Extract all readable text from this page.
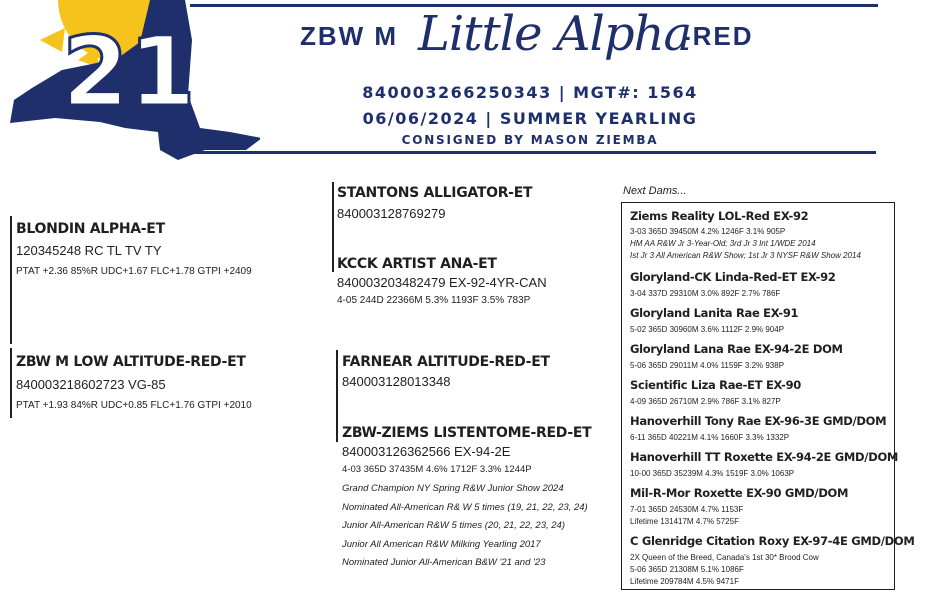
21	ZBW M Little Alpha
-RED
840003266250343 | MGT#: 1564
06/06/2024 | SUMMER YEARLING
CONSIGNED BY MASON ZIEMBA
BLONDIN ALPHA-ET
120345248 RC TL TV TY
PTAT +2.36 85%R UDC+1.67 FLC+1.78 GTPI +2409
ZBW M LOW ALTITUDE-RED-ET
840003218602723 VG-85
PTAT +1.93 84%R UDC+0.85 FLC+1.76 GTPI +2010
STANTONS ALLIGATOR-ET
840003128769279
KCCK ARTIST ANA-ET
840003203482479 EX-92-4YR-CAN
4-05 244D 22366M 5.3% 1193F 3.5% 783P
FARNEAR ALTITUDE-RED-ET
840003128013348
ZBW-ZIEMS LISTENTOME-RED-ET
840003126362566 EX-94-2E
4-03 365D 37435M 4.6% 1712F 3.3% 1244P
Grand Champion NY Spring R&W Junior Show 2024
Nominated All-American R& W 5 times (19, 21, 22, 23, 24)
Junior All-American R&W 5 times (20, 21, 22, 23, 24)
Junior All American R&W Milking Yearling 2017
Nominated Junior All-American B&W '21 and '23
Next Dams...
Ziems Reality LOL-Red EX-92
3-03 365D 39450M 4.2% 1246F 3.1% 905P
HM AA R&W Jr 3-Year-Old; 3rd Jr 3 Int 1/WDE 2014
Ist Jr 3 All American R&W Show; 1st Jr 3 NYSF R&W Show 2014
Gloryland-CK Linda-Red-ET EX-92
3-04 337D 29310M 3.0% 892F 2.7% 786F
Gloryland Lanita Rae EX-91
5-02 365D 30960M 3.6% 1112F 2.9% 904P
Gloryland Lana Rae EX-94-2E DOM
5-06 365D 29011M 4.0% 1159F 3.2% 938P
Scientific Liza Rae-ET EX-90
4-09 365D 26710M 2.9% 786F 3.1% 827P
Hanoverhill Tony Rae EX-96-3E GMD/DOM
6-11 365D 40221M 4.1% 1660F 3.3% 1332P
Hanoverhill TT Roxette EX-94-2E GMD/DOM
10-00 365D 35239M 4.3% 1519F 3.0% 1063P
Mil-R-Mor Roxette EX-90 GMD/DOM
7-01 365D 24530M 4.7% 1153F
Lifetime 131417M 4.7% 5725F
C Glenridge Citation Roxy EX-97-4E GMD/DOM
2X Queen of the Breed, Canada's 1st 30* Brood Cow
5-06 365D 21308M 5.1% 1086F
Lifetime 209784M 4.5% 9471F
